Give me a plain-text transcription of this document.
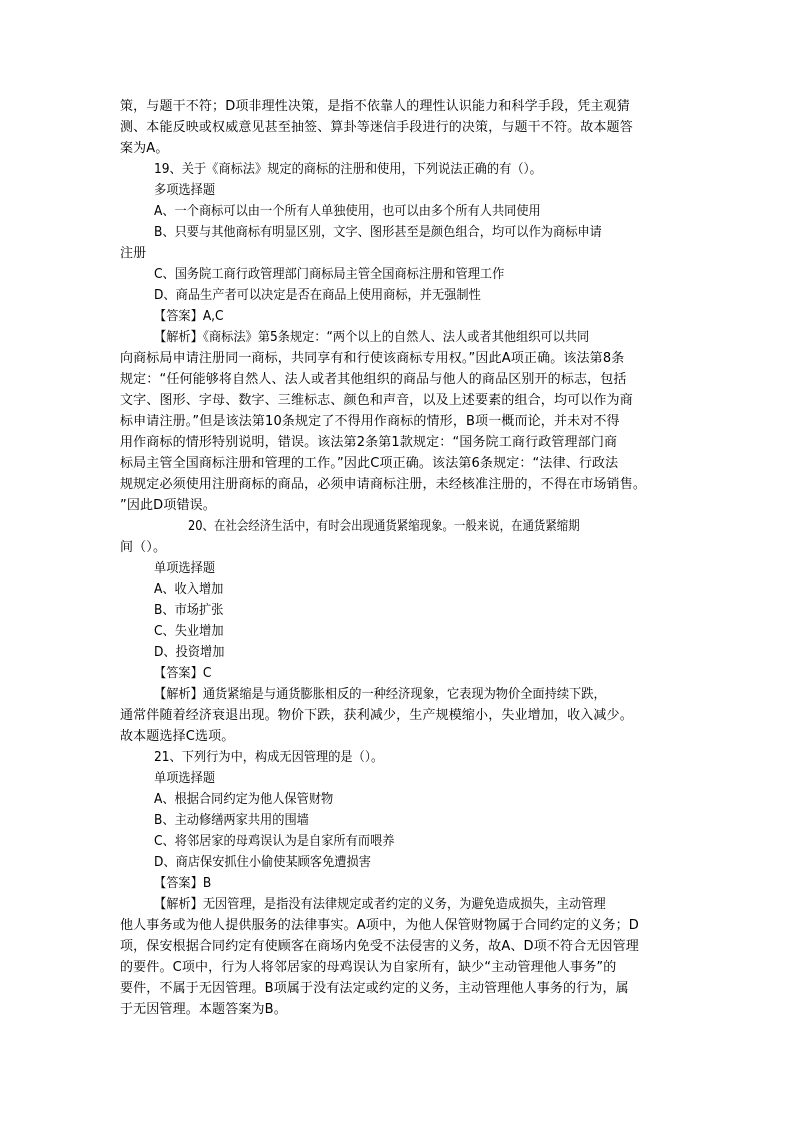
策，与题干不符；D项非理性决策，是指不依靠人的理性认识能力和科学手段，凭主观猜
测、本能反映或权威意见甚至抽签、算卦等迷信手段进行的决策，与题干不符。故本题答
案为A。
19、关于《商标法》规定的商标的注册和使用，下列说法正确的有（）。
多项选择题
A、一个商标可以由一个所有人单独使用，也可以由多个所有人共同使用
B、只要与其他商标有明显区别，文字、图形甚至是颜色组合，均可以作为商标申请
注册
C、国务院工商行政管理部门商标局主管全国商标注册和管理工作
D、商品生产者可以决定是否在商品上使用商标，并无强制性
【答案】A,C
【解析】《商标法》第5条规定：“两个以上的自然人、法人或者其他组织可以共同
向商标局申请注册同一商标，共同享有和行使该商标专用权。”因此A项正确。该法第8条
规定：“任何能够将自然人、法人或者其他组织的商品与他人的商品区别开的标志，包括
文字、图形、字母、数字、三维标志、颜色和声音，以及上述要素的组合，均可以作为商
标申请注册。”但是该法第10条规定了不得用作商标的情形，B项一概而论，并未对不得
用作商标的情形特别说明，错误。该法第2条第1款规定：“国务院工商行政管理部门商
标局主管全国商标注册和管理的工作。”因此C项正确。该法第6条规定：“法律、行政法
规规定必须使用注册商标的商品，必须申请商标注册，未经核准注册的，不得在市场销售。
”因此D项错误。
20、在社会经济生活中，有时会出现通货紧缩现象。一般来说，在通货紧缩期
间（）。
单项选择题
A、收入增加
B、市场扩张
C、失业增加
D、投资增加
【答案】C
【解析】通货紧缩是与通货膨胀相反的一种经济现象，它表现为物价全面持续下跌，
通常伴随着经济衰退出现。物价下跌，获利减少，生产规模缩小，失业增加，收入减少。
故本题选择C选项。
21、下列行为中，构成无因管理的是（）。
单项选择题
A、根据合同约定为他人保管财物
B、主动修缮两家共用的围墙
C、将邻居家的母鸡误认为是自家所有而喂养
D、商店保安抓住小偷使某顾客免遭损害
【答案】B
【解析】无因管理，是指没有法律规定或者约定的义务，为避免造成损失，主动管理
他人事务或为他人提供服务的法律事实。A项中，为他人保管财物属于合同约定的义务；D
项，保安根据合同约定有使顾客在商场内免受不法侵害的义务，故A、D项不符合无因管理
的要件。C项中，行为人将邻居家的母鸡误认为自家所有，缺少“主动管理他人事务”的
要件，不属于无因管理。B项属于没有法定或约定的义务，主动管理他人事务的行为，属
于无因管理。本题答案为B。
